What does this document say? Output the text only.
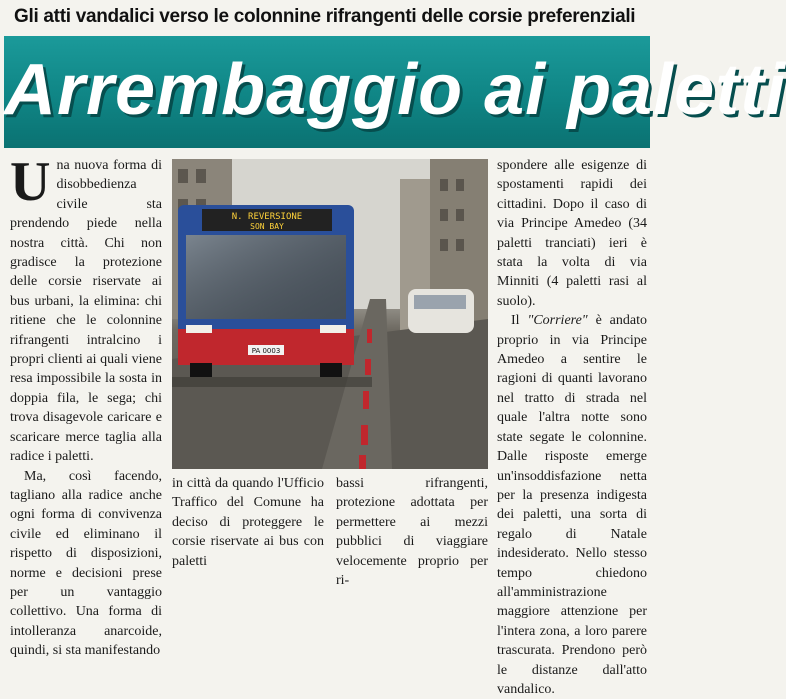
Gli atti vandalici verso le colonnine rifrangenti delle corsie preferenziali
Arrembaggio ai paletti

Una nuova forma di disobbedienza civile sta prendendo piede nella nostra città. Chi non gradisce la protezione delle corsie riservate ai bus urbani, la elimina: chi ritiene che le colonnine rifrangenti intralcino i propri clienti ai quali viene resa impossibile la sosta in doppia fila, le sega; chi trova disagevole caricare e scaricare merce taglia alla radice i paletti.

Ma, così facendo, tagliano alla radice anche ogni forma di convivenza civile ed eliminano il rispetto di disposizioni, norme e decisioni prese per un vantaggio collettivo. Una forma di intolleranza anarcoide, quindi, si sta manifestando

N. REVERSIONE
SON BAY
PA 0003
in città da quando l'Ufficio Traffico del Comune ha deciso di proteggere le corsie riservate ai bus con paletti
bassi rifrangenti, protezione adottata per permettere ai mezzi pubblici di viaggiare velocemente proprio per ri-

spondere alle esigenze di spostamenti rapidi dei cittadini. Dopo il caso di via Principe Amedeo (34 paletti tranciati) ieri è stata la volta di via Minniti (4 paletti rasi al suolo).

Il "Corriere" è andato proprio in via Principe Amedeo a sentire le ragioni di quanti lavorano nel tratto di strada nel quale l'altra notte sono state segate le colonnine. Dalle risposte emerge un'insoddisfazione netta per la presenza indigesta dei paletti, una sorta di regalo di Natale indesiderato. Nello stesso tempo chiedono all'amministrazione maggiore attenzione per l'intera zona, a loro parere trascurata. Prendono però le distanze dall'atto vandalico.
